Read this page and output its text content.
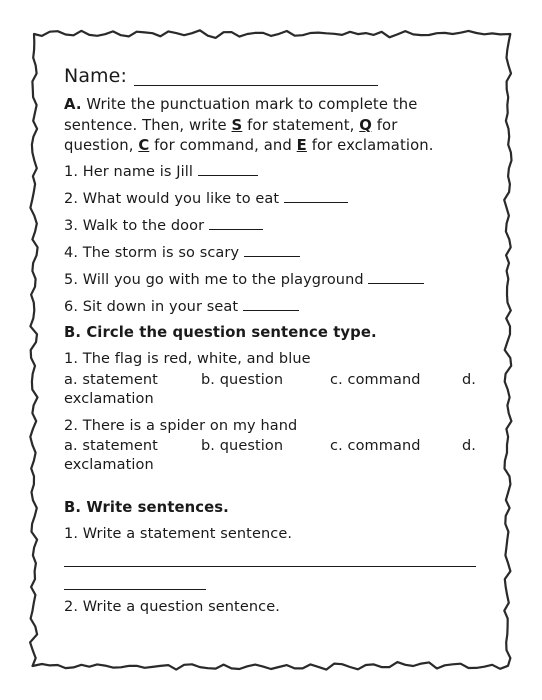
Name:
A. Write the punctuation mark to complete the
sentence. Then, write S for statement, Q for
question, C for command, and E for exclamation.
1. Her name is Jill
2. What would you like to eat
3. Walk to the door
4. The storm is so scary
5. Will you go with me to the playground
6. Sit down in your seat
B. Circle the question sentence type.
1. The flag is red, white, and blue
a. statement	b. question	c. command	d.
exclamation
2. There is a spider on my hand
a. statement	b. question	c. command	d.
exclamation
B. Write sentences.
1. Write a statement sentence.
2. Write a question sentence.
